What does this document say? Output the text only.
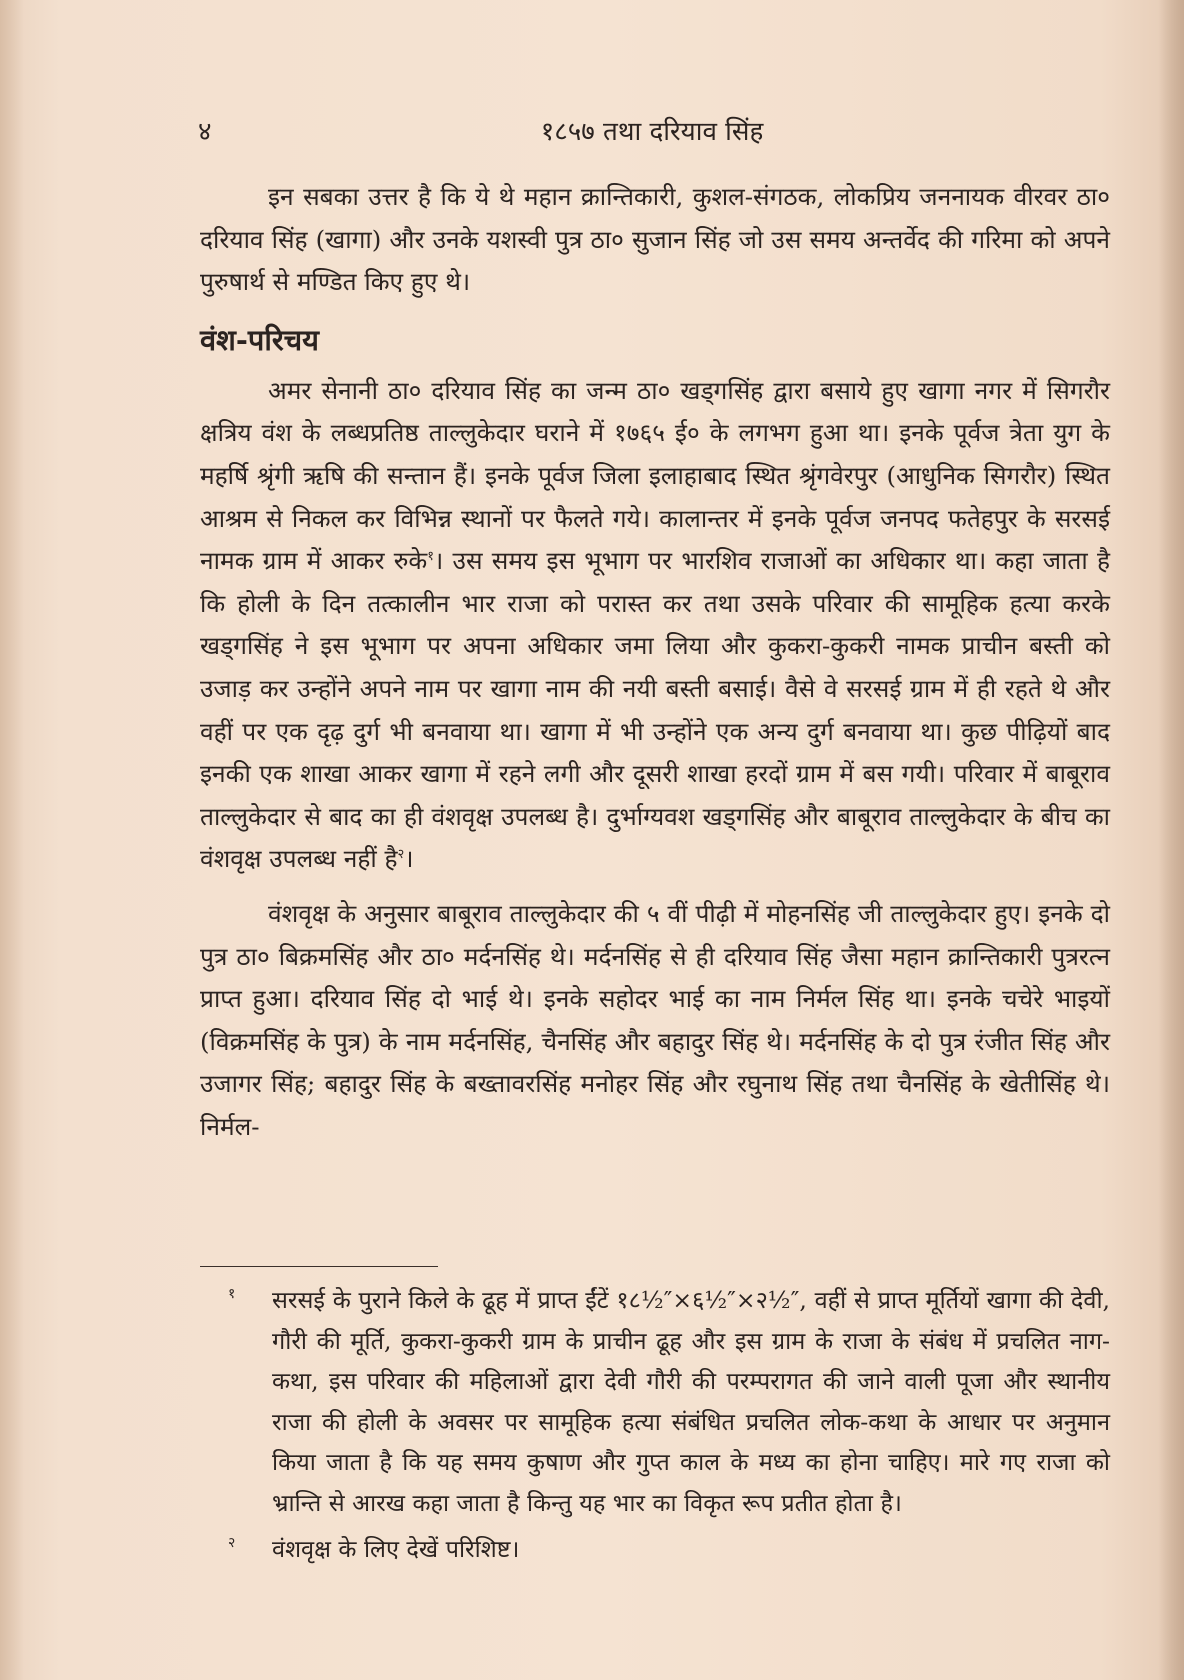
४	१८५७ तथा दरियाव सिंह

इन सबका उत्तर है कि ये थे महान क्रान्तिकारी, कुशल-संगठक, लोकप्रिय जननायक वीरवर ठा० दरियाव सिंह (खागा) और उनके यशस्वी पुत्र ठा० सुजान सिंह जो उस समय अन्तर्वेद की गरिमा को अपने पुरुषार्थ से मण्डित किए हुए थे।

वंश-परिचय

अमर सेनानी ठा० दरियाव सिंह का जन्म ठा० खड्गसिंह द्वारा बसाये हुए खागा नगर में सिगरौर क्षत्रिय वंश के लब्धप्रतिष्ठ ताल्लुकेदार घराने में १७६५ ई० के लगभग हुआ था। इनके पूर्वज त्रेता युग के महर्षि श्रृंगी ऋषि की सन्तान हैं। इनके पूर्वज जिला इलाहाबाद स्थित श्रृंगवेरपुर (आधुनिक सिगरौर) स्थित आश्रम से निकल कर विभिन्न स्थानों पर फैलते गये। कालान्तर में इनके पूर्वज जनपद फतेहपुर के सरसई नामक ग्राम में आकर रुके$^१$। उस समय इस भूभाग पर भारशिव राजाओं का अधिकार था। कहा जाता है कि होली के दिन तत्कालीन भार राजा को परास्त कर तथा उसके परिवार की सामूहिक हत्या करके खड्गसिंह ने इस भूभाग पर अपना अधिकार जमा लिया और कुकरा-कुकरी नामक प्राचीन बस्ती को उजाड़ कर उन्होंने अपने नाम पर खागा नाम की नयी बस्ती बसाई। वैसे वे सरसई ग्राम में ही रहते थे और वहीं पर एक दृढ़ दुर्ग भी बनवाया था। खागा में भी उन्होंने एक अन्य दुर्ग बनवाया था। कुछ पीढ़ियों बाद इनकी एक शाखा आकर खागा में रहने लगी और दूसरी शाखा हरदों ग्राम में बस गयी। परिवार में बाबूराव ताल्लुकेदार से बाद का ही वंशवृक्ष उपलब्ध है। दुर्भाग्यवश खड्गसिंह और बाबूराव ताल्लुकेदार के बीच का वंशवृक्ष उपलब्ध नहीं है$^२$।

वंशवृक्ष के अनुसार बाबूराव ताल्लुकेदार की ५ वीं पीढ़ी में मोहनसिंह जी ताल्लुकेदार हुए। इनके दो पुत्र ठा० बिक्रमसिंह और ठा० मर्दनसिंह थे। मर्दनसिंह से ही दरियाव सिंह जैसा महान क्रान्तिकारी पुत्ररत्न प्राप्त हुआ। दरियाव सिंह दो भाई थे। इनके सहोदर भाई का नाम निर्मल सिंह था। इनके चचेरे भाइयों (विक्रमसिंह के पुत्र) के नाम मर्दनसिंह, चैनसिंह और बहादुर सिंह थे। मर्दनसिंह के दो पुत्र रंजीत सिंह और उजागर सिंह; बहादुर सिंह के बख्तावरसिंह मनोहर सिंह और रघुनाथ सिंह तथा चैनसिंह के खेतीसिंह थे। निर्मल-

१ सरसई के पुराने किले के ढूह में प्राप्त ईंटें १८½″×६½″×२½″, वहीं से प्राप्त मूर्तियों खागा की देवी, गौरी की मूर्ति, कुकरा-कुकरी ग्राम के प्राचीन ढूह और इस ग्राम के राजा के संबंध में प्रचलित नाग-कथा, इस परिवार की महिलाओं द्वारा देवी गौरी की परम्परागत की जाने वाली पूजा और स्थानीय राजा की होली के अवसर पर सामूहिक हत्या संबंधित प्रचलित लोक-कथा के आधार पर अनुमान किया जाता है कि यह समय कुषाण और गुप्त काल के मध्य का होना चाहिए। मारे गए राजा को भ्रान्ति से आरख कहा जाता है किन्तु यह भार का विकृत रूप प्रतीत होता है।
२ वंशवृक्ष के लिए देखें परिशिष्ट।
